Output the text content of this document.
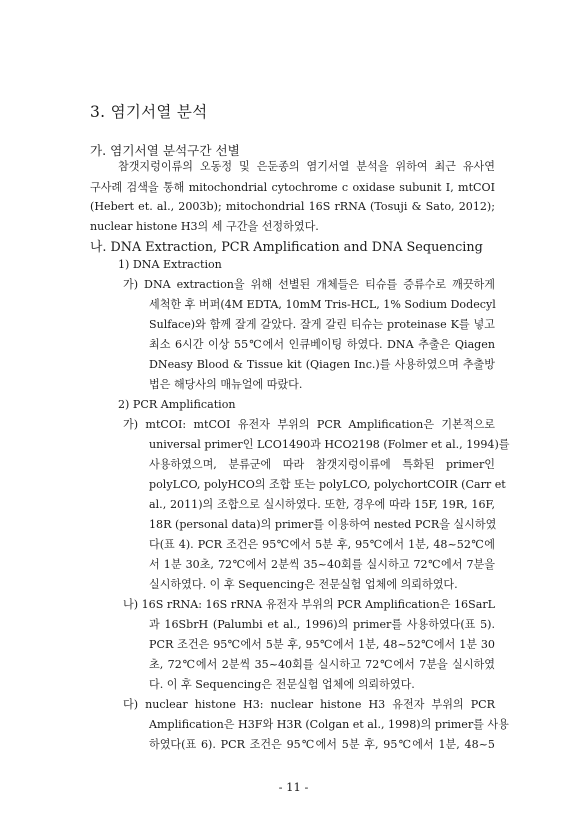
3. 염기서열 분석
가. 염기서열 분석구간 선별
참갯지렁이류의 오동정 및 은둔종의 염기서열 분석을 위하여 최근 유사연
구사례 검색을 통해 mitochondrial cytochrome c oxidase subunit I, mtCOI
(Hebert et. al., 2003b); mitochondrial 16S rRNA (Tosuji & Sato, 2012);
nuclear histone H3의 세 구간을 선정하였다.
나. DNA Extraction, PCR Amplification and DNA Sequencing
1) DNA Extraction
가) DNA extraction을 위해 선별된 개체들은 티슈를 증류수로 깨끗하게
세척한 후 버퍼(4M EDTA, 10mM Tris-HCL, 1% Sodium Dodecyl
Sulface)와 함께 잘게 갈았다. 잘게 갈린 티슈는 proteinase K를 넣고
최소 6시간 이상 55℃에서 인큐베이팅 하였다. DNA 추출은 Qiagen
DNeasy Blood & Tissue kit (Qiagen Inc.)를 사용하였으며 추출방
법은 해당사의 매뉴얼에 따랐다.
2) PCR Amplification
가) mtCOI: mtCOI 유전자 부위의 PCR Amplification은 기본적으로
universal primer인 LCO1490과 HCO2198 (Folmer et al., 1994)를
사용하였으며, 분류군에 따라 참갯지렁이류에 특화된 primer인
polyLCO, polyHCO의 조합 또는 polyLCO, polychortCOIR (Carr et
al., 2011)의 조합으로 실시하였다. 또한, 경우에 따라 15F, 19R, 16F,
18R (personal data)의 primer를 이용하여 nested PCR을 실시하였
다(표 4). PCR 조건은 95℃에서 5분 후, 95℃에서 1분, 48~52℃에
서 1분 30초, 72℃에서 2분씩 35~40회를 실시하고 72℃에서 7분을
실시하였다. 이 후 Sequencing은 전문실험 업체에 의뢰하였다.
나) 16S rRNA: 16S rRNA 유전자 부위의 PCR Amplification은 16SarL
과 16SbrH (Palumbi et al., 1996)의 primer를 사용하였다(표 5).
PCR 조건은 95℃에서 5분 후, 95℃에서 1분, 48~52℃에서 1분 30
초, 72℃에서 2분씩 35~40회를 실시하고 72℃에서 7분을 실시하였
다. 이 후 Sequencing은 전문실험 업체에 의뢰하였다.
다) nuclear histone H3: nuclear histone H3 유전자 부위의 PCR
Amplification은 H3F와 H3R (Colgan et al., 1998)의 primer를 사용
하였다(표 6). PCR 조건은 95℃에서 5분 후, 95℃에서 1분, 48~5
- 11 -
